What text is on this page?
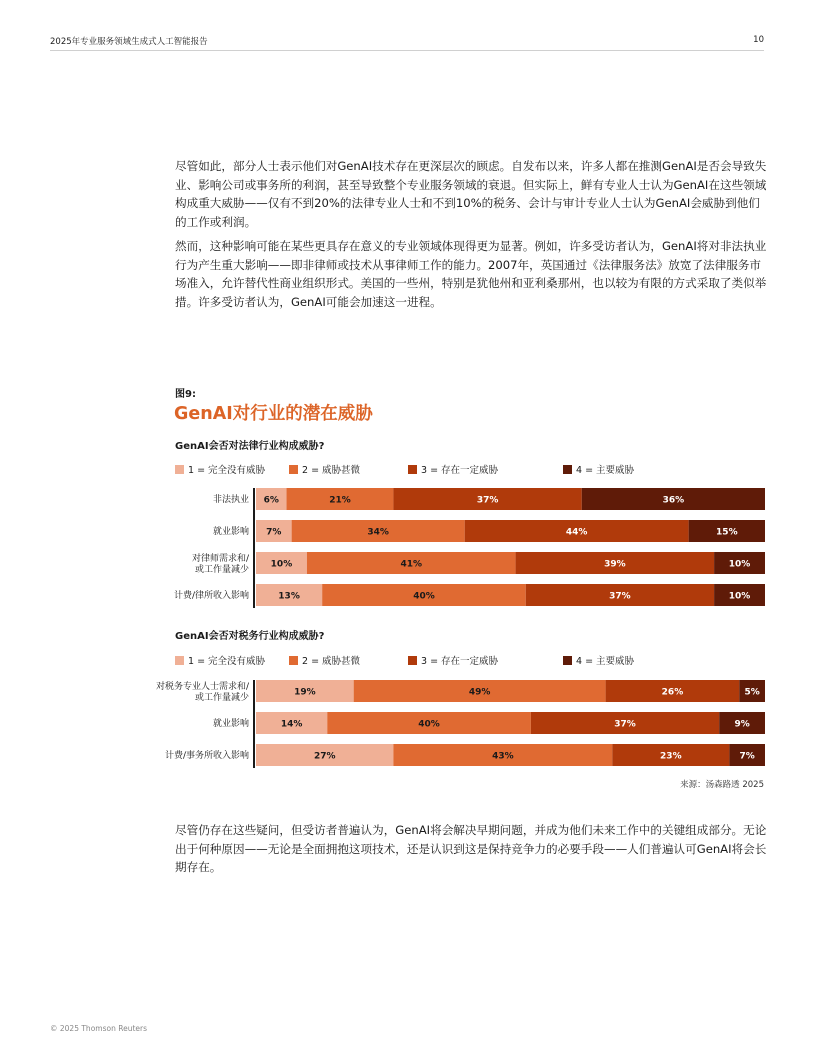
2025年专业服务领域生成式人工智能报告	10

尽管如此，部分人士表示他们对GenAI技术存在更深层次的顾虑。自发布以来，许多人都在推测GenAI是否会导致失业、影响公司或事务所的利润，甚至导致整个专业服务领域的衰退。但实际上，鲜有专业人士认为GenAI在这些领域构成重大威胁——仅有不到20%的法律专业人士和不到10%的税务、会计与审计专业人士认为GenAI会威胁到他们的工作或利润。

然而，这种影响可能在某些更具存在意义的专业领域体现得更为显著。例如，许多受访者认为，GenAI将对非法执业行为产生重大影响——即非律师或技术从事律师工作的能力。2007年，英国通过《法律服务法》放宽了法律服务市场准入，允许替代性商业组织形式。美国的一些州，特别是犹他州和亚利桑那州，也以较为有限的方式采取了类似举措。许多受访者认为，GenAI可能会加速这一进程。

图9:
GenAI对行业的潜在威胁
GenAI会否对法律行业构成威胁?
1 = 完全没有威胁	2 = 威胁甚微	3 = 存在一定威胁	4 = 主要威胁
非法执业 6%	21%	37%	36%
就业影响 7%	34%	44%	15%
对律师需求和/或工作量减少
10%	41%	39%	10%
计费/律所收入影响	13%	40%	37%	10%
GenAI会否对税务行业构成威胁?
1 = 完全没有威胁	2 = 威胁甚微	3 = 存在一定威胁	4 = 主要威胁
对税务专业人士需求和/或工作量减少
19%	49%	26%	5%
就业影响	14%	40%	37%	9%
计费/事务所收入影响	27%	43%	23%	7%
来源：汤森路透 2025

尽管仍存在这些疑问，但受访者普遍认为，GenAI将会解决早期问题，并成为他们未来工作中的关键组成部分。无论出于何种原因——无论是全面拥抱这项技术，还是认识到这是保持竞争力的必要手段——人们普遍认可GenAI将会长期存在。

© 2025 Thomson Reuters
